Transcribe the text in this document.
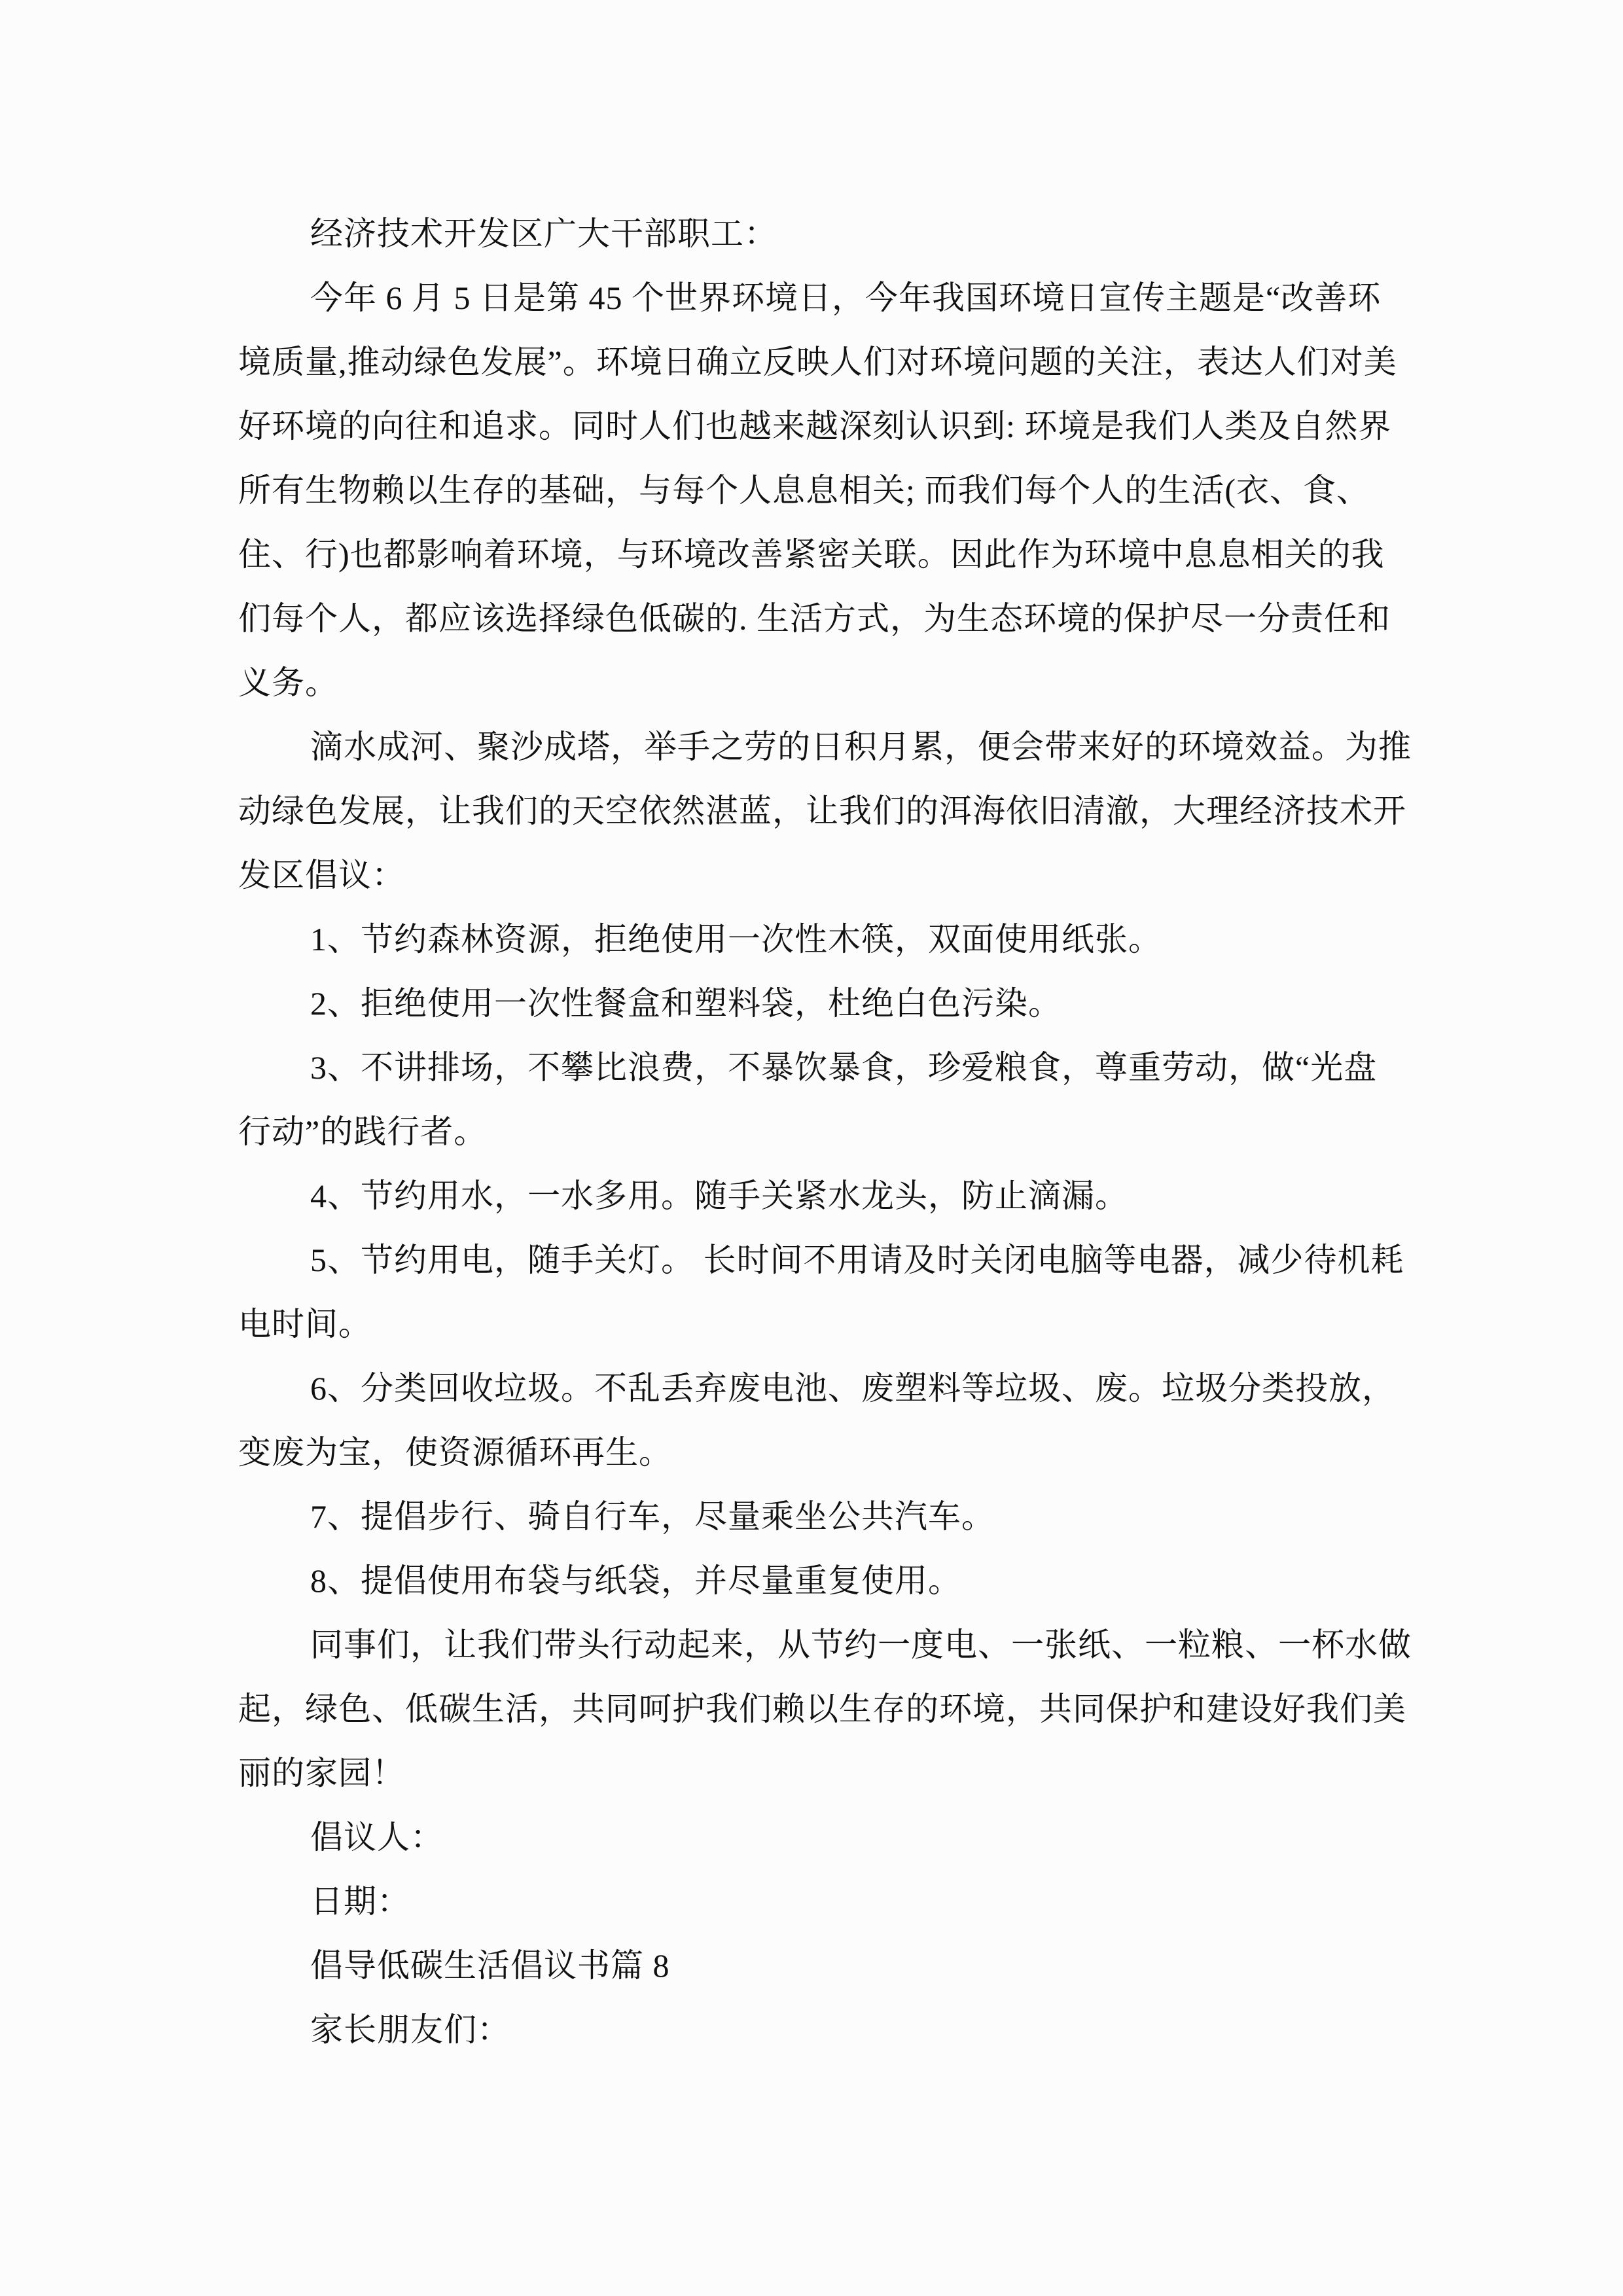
经济技术开发区广大干部职工：
今年 6 月 5 日是第 45 个世界环境日，今年我国环境日宣传主题是“改善环
境质量,推动绿色发展”。环境日确立反映人们对环境问题的关注，表达人们对美
好环境的向往和追求。同时人们也越来越深刻认识到: 环境是我们人类及自然界
所有生物赖以生存的基础，与每个人息息相关; 而我们每个人的生活(衣、食、
住、行)也都影响着环境，与环境改善紧密关联。因此作为环境中息息相关的我
们每个人，都应该选择绿色低碳的. 生活方式，为生态环境的保护尽一分责任和
义务。
滴水成河、聚沙成塔，举手之劳的日积月累，便会带来好的环境效益。为推
动绿色发展，让我们的天空依然湛蓝，让我们的洱海依旧清澈，大理经济技术开
发区倡议：
1、节约森林资源，拒绝使用一次性木筷，双面使用纸张。
2、拒绝使用一次性餐盒和塑料袋，杜绝白色污染。
3、不讲排场，不攀比浪费，不暴饮暴食，珍爱粮食，尊重劳动，做“光盘
行动”的践行者。
4、节约用水，一水多用。随手关紧水龙头，防止滴漏。
5、节约用电，随手关灯。 长时间不用请及时关闭电脑等电器，减少待机耗
电时间。
6、分类回收垃圾。不乱丢弃废电池、废塑料等垃圾、废。垃圾分类投放，
变废为宝，使资源循环再生。
7、提倡步行、骑自行车，尽量乘坐公共汽车。
8、提倡使用布袋与纸袋，并尽量重复使用。
同事们，让我们带头行动起来，从节约一度电、一张纸、一粒粮、一杯水做
起，绿色、低碳生活，共同呵护我们赖以生存的环境，共同保护和建设好我们美
丽的家园！
倡议人：
日期：
倡导低碳生活倡议书篇 8
家长朋友们：
